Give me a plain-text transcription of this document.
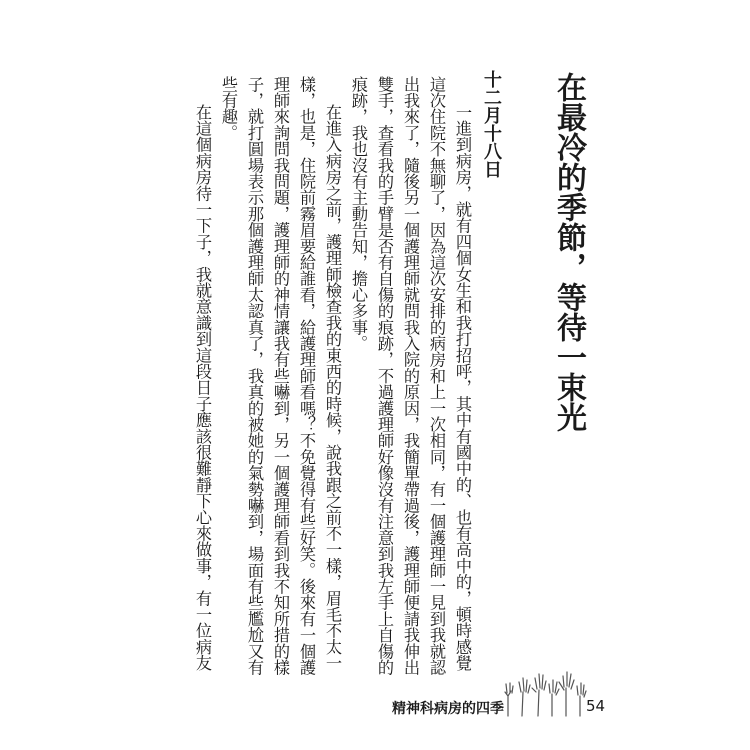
在最冷的季節，等待一束光
十二月十八日
一進到病房，就有四個女生和我打招呼，其中有國中的、也有高中的，頓時感覺
這次住院不無聊了，因為這次安排的病房和上一次相同，有一個護理師一見到我就認
出我來了，隨後另一個護理師就問我入院的原因，我簡單帶過後，護理師便請我伸出
雙手，查看我的手臂是否有自傷的痕跡，不過護理師好像沒有注意到我左手上自傷的
痕跡，我也沒有主動告知，擔心多事。
在進入病房之前，護理師檢查我的東西的時候，說我跟之前不一樣，眉毛不太一
樣，也是，住院前霧眉要給誰看，給護理師看嗎？不免覺得有些好笑。後來有一個護
理師來詢問我問題，護理師的神情讓我有些嚇到，另一個護理師看到我不知所措的樣
子，就打圓場表示那個護理師太認真了，我真的被她的氣勢嚇到，場面有些尷尬又有
些有趣。
在這個病房待一下子，我就意識到這段日子應該很難靜下心來做事，有一位病友
精神科病房的四季	54
